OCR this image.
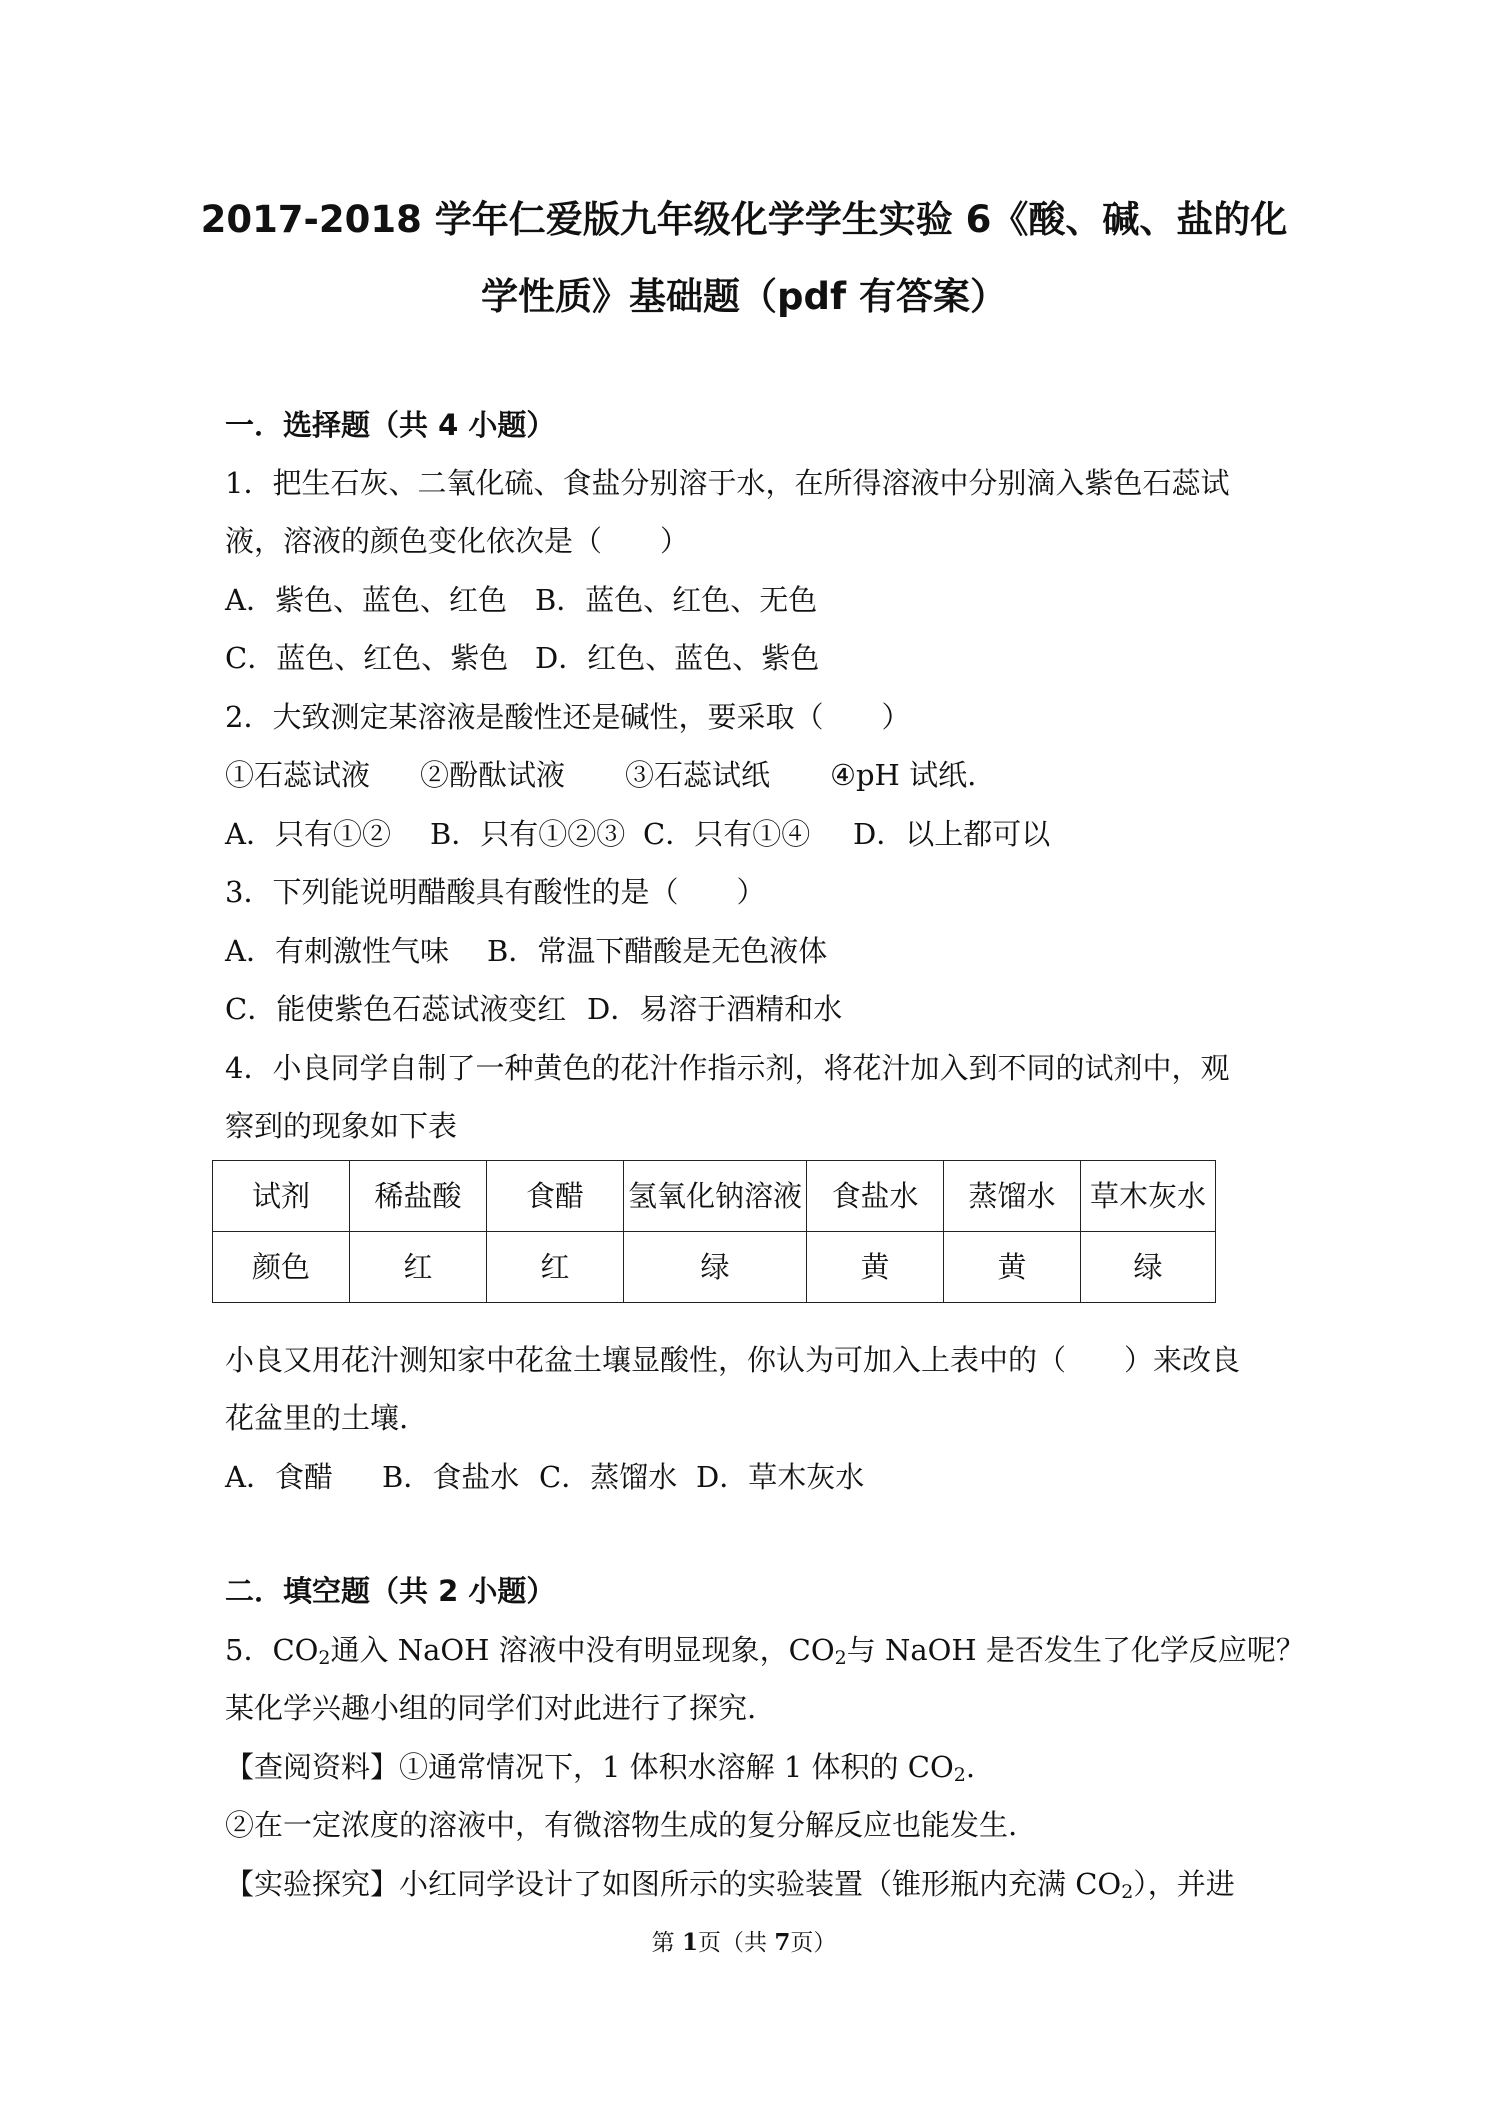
2017-2018 学年仁爱版九年级化学学生实验 6《酸、碱、盐的化
学性质》基础题（pdf 有答案）
一．选择题（共 4 小题）
1．把生石灰、二氧化硫、食盐分别溶于水，在所得溶液中分别滴入紫色石蕊试
液，溶液的颜色变化依次是（　　）
A．紫色、蓝色、红色 B．蓝色、红色、无色
C．蓝色、红色、紫色 D．红色、蓝色、紫色
2．大致测定某溶液是酸性还是碱性，要采取（　　）
①石蕊试液 ②酚酞试液 ③石蕊试纸 ④pH 试纸.
A．只有①② B．只有①②③ C．只有①④ D．以上都可以
3．下列能说明醋酸具有酸性的是（　　）
A．有刺激性气味 B．常温下醋酸是无色液体
C．能使紫色石蕊试液变红 D．易溶于酒精和水
4．小良同学自制了一种黄色的花汁作指示剂，将花汁加入到不同的试剂中，观
察到的现象如下表
试剂	稀盐酸	食醋	氢氧化钠溶液	食盐水	蒸馏水	草木灰水
颜色	红	红	绿	黄	黄	绿
小良又用花汁测知家中花盆土壤显酸性，你认为可加入上表中的（　　）来改良
花盆里的土壤.
A．食醋 B．食盐水 C．蒸馏水 D．草木灰水
二．填空题（共 2 小题）
5．$CO_2$通入 NaOH 溶液中没有明显现象，$CO_2$与 NaOH 是否发生了化学反应呢？
某化学兴趣小组的同学们对此进行了探究.
【查阅资料】①通常情况下，1 体积水溶解 1 体积的 $CO_2$.
②在一定浓度的溶液中，有微溶物生成的复分解反应也能发生.
【实验探究】小红同学设计了如图所示的实验装置（锥形瓶内充满 $CO_2$），并进
第 1页（共 7页）
